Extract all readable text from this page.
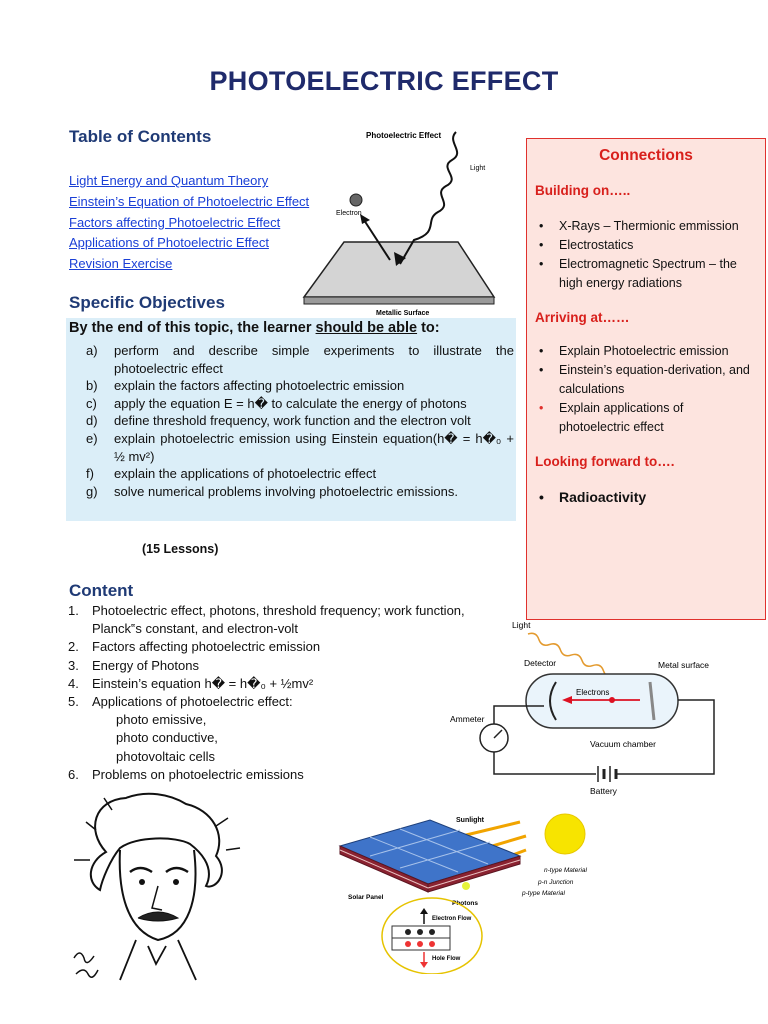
PHOTOELECTRIC EFFECT
Table of Contents
Light Energy and Quantum Theory
Einstein’s Equation of Photoelectric Effect
Factors affecting Photoelectric Effect
Applications of Photoelectric Effect
Revision Exercise
Photoelectric Effect
Light
Electron
Metallic Surface
Specific Objectives
By the end of this topic, the learner should be able to:
a)	perform and describe simple experiments to illustrate the photoelectric effect
b)	explain the factors affecting photoelectric emission
c)	apply the equation E = h� to calculate the energy of photons
d)	define threshold frequency, work function and the electron volt
e)	explain photoelectric emission using Einstein equation(h� = h�₀ + ½ mv²)
f)	explain the applications of photoelectric effect
g)	solve numerical problems involving photoelectric emissions.
(15 Lessons)
Connections
Building on…..
• X-Rays – Thermionic emmission
• Electrostatics
• Electromagnetic Spectrum – the high energy radiations
Arriving at……
• Explain Photoelectric emission
• Einstein’s equation-derivation, and calculations
• Explain applications of photoelectric effect
Looking forward to….
• Radioactivity
Content
1.	Photoelectric effect, photons, threshold frequency; work function, Planck‟s constant, and electron-volt
2.	Factors affecting photoelectric emission
3.	Energy of Photons
4.	Einstein’s equation h� = h�₀ + ½mv²
5.	Applications of photoelectric effect:
photo emissive,
photo conductive,
photovoltaic cells
6.	Problems on photoelectric emissions
Light
Detector	Metal surface
Electrons
Ammeter
Vacuum chamber
Battery
Sunlight
n-type Material
p-n Junction
p-type Material
Solar Panel
Photons
Electron Flow
Hole Flow
